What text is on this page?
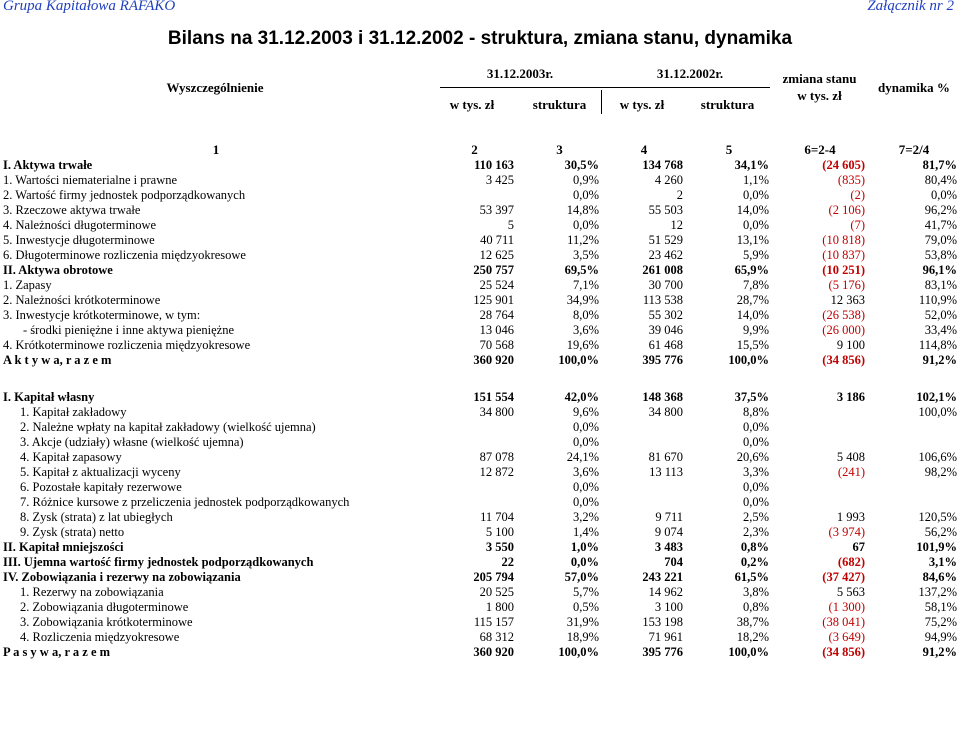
Grupa Kapitałowa RAFAKO	Załącznik nr 2
Bilans na 31.12.2003 i 31.12.2002 - struktura, zmiana stanu, dynamika
Wyszczególnienie
31.12.2003r.	31.12.2002r.
w tys. zł	struktura	w tys. zł	struktura
zmiana stanu
w tys. zł
dynamika %
1	2	3	4	5	6=2-4	7=2/4
I. Aktywa trwałe	110 163	30,5%	134 768	34,1%	(24 605)	81,7%
1. Wartości niematerialne i prawne	3 425	0,9%	4 260	1,1%	(835)	80,4%
2. Wartość firmy jednostek podporządkowanych		0,0%	2	0,0%	(2)	0,0%
3. Rzeczowe aktywa trwałe	53 397	14,8%	55 503	14,0%	(2 106)	96,2%
4. Należności długoterminowe	5	0,0%	12	0,0%	(7)	41,7%
5. Inwestycje długoterminowe	40 711	11,2%	51 529	13,1%	(10 818)	79,0%
6. Długoterminowe rozliczenia międzyokresowe	12 625	3,5%	23 462	5,9%	(10 837)	53,8%
II. Aktywa obrotowe	250 757	69,5%	261 008	65,9%	(10 251)	96,1%
1. Zapasy	25 524	7,1%	30 700	7,8%	(5 176)	83,1%
2. Należności krótkoterminowe	125 901	34,9%	113 538	28,7%	12 363	110,9%
3. Inwestycje krótkoterminowe, w tym:	28 764	8,0%	55 302	14,0%	(26 538)	52,0%
- środki pieniężne i inne aktywa pieniężne	13 046	3,6%	39 046	9,9%	(26 000)	33,4%
4. Krótkoterminowe rozliczenia międzyokresowe	70 568	19,6%	61 468	15,5%	9 100	114,8%
A k t y w a, r a z e m	360 920	100,0%	395 776	100,0%	(34 856)	91,2%

I. Kapitał własny	151 554	42,0%	148 368	37,5%	3 186	102,1%
1. Kapitał zakładowy	34 800	9,6%	34 800	8,8%		100,0%
2. Należne wpłaty na kapitał zakładowy (wielkość ujemna)		0,0%		0,0%		
3. Akcje (udziały) własne (wielkość ujemna)		0,0%		0,0%		
4. Kapitał zapasowy	87 078	24,1%	81 670	20,6%	5 408	106,6%
5. Kapitał z aktualizacji wyceny	12 872	3,6%	13 113	3,3%	(241)	98,2%
6. Pozostałe kapitały rezerwowe		0,0%		0,0%		
7. Różnice kursowe z przeliczenia jednostek podporządkowanych		0,0%		0,0%		
8. Zysk (strata) z lat ubiegłych	11 704	3,2%	9 711	2,5%	1 993	120,5%
9. Zysk (strata) netto	5 100	1,4%	9 074	2,3%	(3 974)	56,2%
II. Kapitał mniejszości	3 550	1,0%	3 483	0,8%	67	101,9%
III. Ujemna wartość firmy jednostek podporządkowanych	22	0,0%	704	0,2%	(682)	3,1%
IV. Zobowiązania i rezerwy na zobowiązania	205 794	57,0%	243 221	61,5%	(37 427)	84,6%
1. Rezerwy na zobowiązania	20 525	5,7%	14 962	3,8%	5 563	137,2%
2. Zobowiązania długoterminowe	1 800	0,5%	3 100	0,8%	(1 300)	58,1%
3. Zobowiązania krótkoterminowe	115 157	31,9%	153 198	38,7%	(38 041)	75,2%
4. Rozliczenia międzyokresowe	68 312	18,9%	71 961	18,2%	(3 649)	94,9%
P a s y w a, r a z e m	360 920	100,0%	395 776	100,0%	(34 856)	91,2%
